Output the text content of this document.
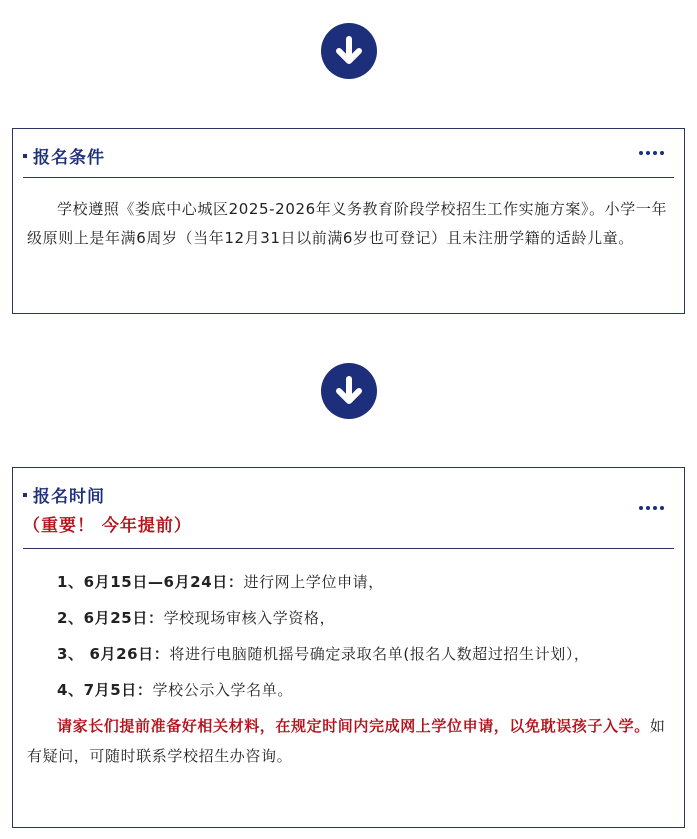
报名条件

学校遵照《娄底中心城区2025-2026年义务教育阶段学校招生工作实施方案》。小学一年级原则上是年满6周岁（当年12月31日以前满6岁也可登记）且未注册学籍的适龄儿童。

报名时间
（重要！ 今年提前）

1、6月15日—6月24日：进行网上学位申请，

2、6月25日：学校现场审核入学资格，

3、 6月26日：将进行电脑随机摇号确定录取名单(报名人数超过招生计划），

4、7月5日：学校公示入学名单。

请家长们提前准备好相关材料，在规定时间内完成网上学位申请，以免耽误孩子入学。如有疑问，可随时联系学校招生办咨询。
